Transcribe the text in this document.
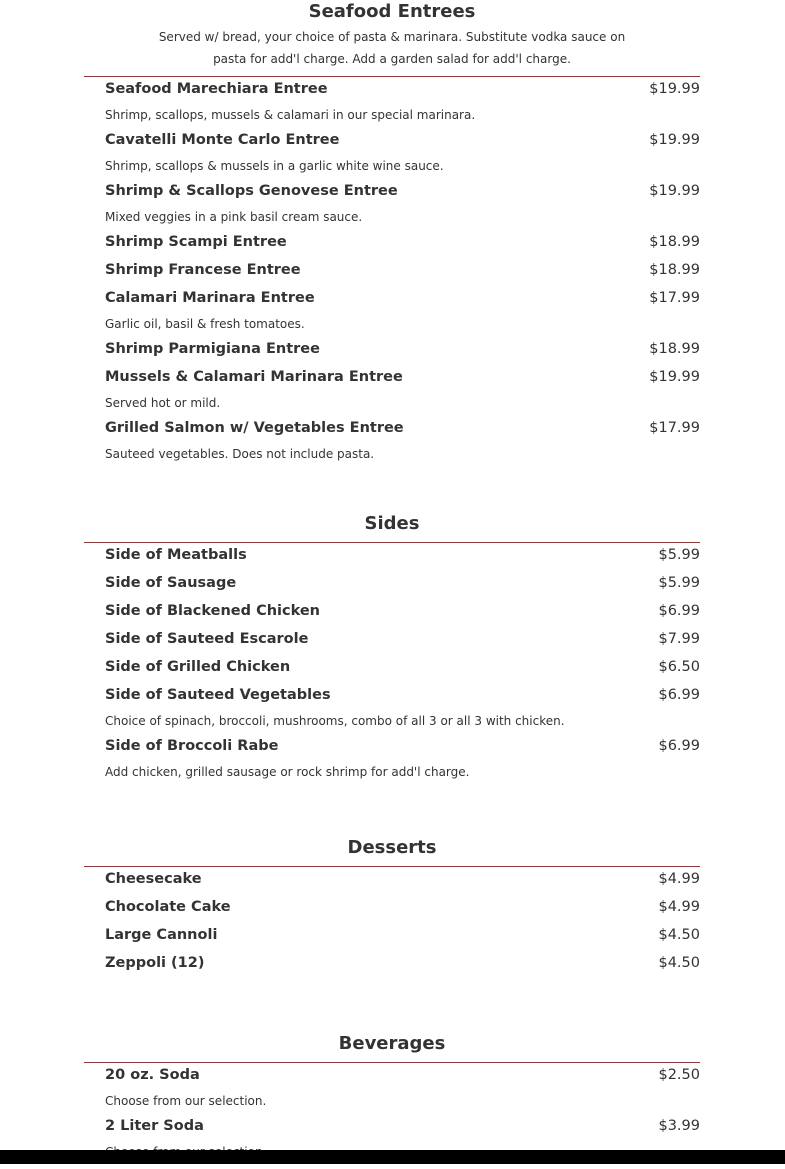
Seafood Entrees
Served w/ bread, your choice of pasta & marinara. Substitute vodka sauce on pasta for add'l charge. Add a garden salad for add'l charge.
Seafood Marechiara Entree	$19.99
Shrimp, scallops, mussels & calamari in our special marinara.
Cavatelli Monte Carlo Entree	$19.99
Shrimp, scallops & mussels in a garlic white wine sauce.
Shrimp & Scallops Genovese Entree	$19.99
Mixed veggies in a pink basil cream sauce.
Shrimp Scampi Entree	$18.99
Shrimp Francese Entree	$18.99
Calamari Marinara Entree	$17.99
Garlic oil, basil & fresh tomatoes.
Shrimp Parmigiana Entree	$18.99
Mussels & Calamari Marinara Entree	$19.99
Served hot or mild.
Grilled Salmon w/ Vegetables Entree	$17.99
Sauteed vegetables. Does not include pasta.
Sides
Side of Meatballs	$5.99
Side of Sausage	$5.99
Side of Blackened Chicken	$6.99
Side of Sauteed Escarole	$7.99
Side of Grilled Chicken	$6.50
Side of Sauteed Vegetables	$6.99
Choice of spinach, broccoli, mushrooms, combo of all 3 or all 3 with chicken.
Side of Broccoli Rabe	$6.99
Add chicken, grilled sausage or rock shrimp for add'l charge.
Desserts
Cheesecake	$4.99
Chocolate Cake	$4.99
Large Cannoli	$4.50
Zeppoli (12)	$4.50
Beverages
20 oz. Soda	$2.50
Choose from our selection.
2 Liter Soda	$3.99
